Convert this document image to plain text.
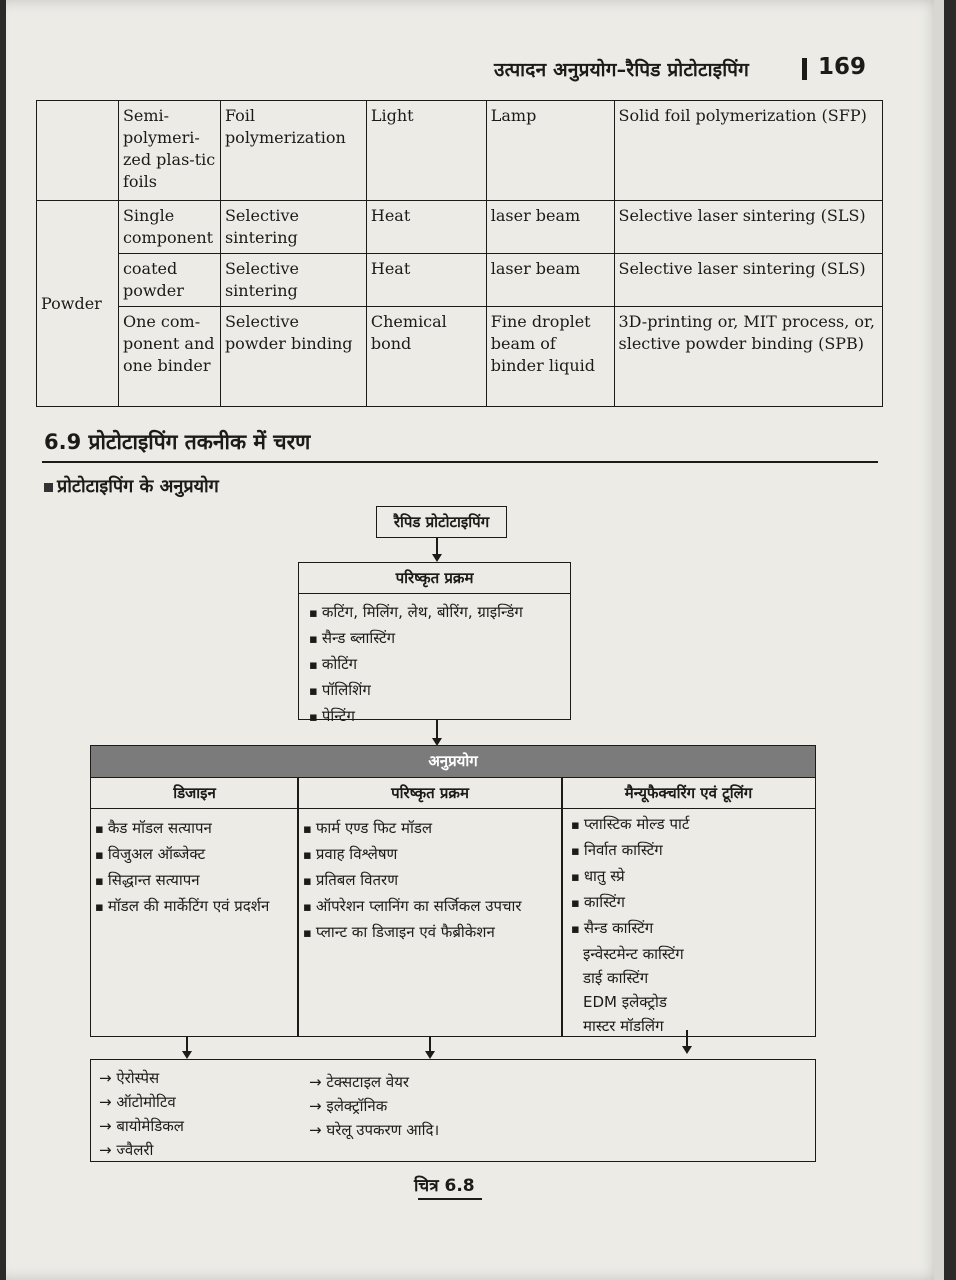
उत्पादन अनुप्रयोग–रैपिड प्रोटोटाइपिंग	169
	Semi-polymeri-zed plas-tic foils	Foil polymerization	Light	Lamp	Solid foil polymerization (SFP)
Powder	Single component	Selective sintering	Heat	laser beam	Selective laser sintering (SLS)
	coated powder	Selective sintering	Heat	laser beam	Selective laser sintering (SLS)
	One com-ponent and one binder	Selective powder binding	Chemical bond	Fine droplet beam of binder liquid	3D-printing or, MIT process, or, slective powder binding (SPB)
6.9 प्रोटोटाइपिंग तकनीक में चरण
प्रोटोटाइपिंग के अनुप्रयोग
रैपिड प्रोटोटाइपिंग
परिष्कृत प्रक्रम
▪ कटिंग, मिलिंग, लेथ, बोरिंग, ग्राइन्डिंग
▪ सैन्ड ब्लास्टिंग
▪ कोटिंग
▪ पॉलिशिंग
▪ पेन्टिंग
अनुप्रयोग
डिजाइन	परिष्कृत प्रक्रम	मैन्यूफैक्चरिंग एवं टूलिंग
▪ कैड मॉडल सत्यापन
▪ विजुअल ऑब्जेक्ट
▪ सिद्धान्त सत्यापन
▪ मॉडल की मार्केटिंग एवं प्रदर्शन
▪ फार्म एण्ड फिट मॉडल
▪ प्रवाह विश्लेषण
▪ प्रतिबल वितरण
▪ ऑपरेशन प्लानिंग का सर्जिकल उपचार
▪ प्लान्ट का डिजाइन एवं फैब्रीकेशन
▪ प्लास्टिक मोल्ड पार्ट
▪ निर्वात कास्टिंग
▪ धातु स्प्रे
▪ कास्टिंग
▪ सैन्ड कास्टिंग
इन्वेस्टमेन्ट कास्टिंग
डाई कास्टिंग
EDM इलेक्ट्रोड
मास्टर मॉडलिंग
→ ऐरोस्पेस
→ ऑटोमोटिव
→ बायोमेडिकल
→ ज्वैलरी
→ टेक्सटाइल वेयर
→ इलेक्ट्रॉनिक
→ घरेलू उपकरण आदि।
चित्र 6.8
